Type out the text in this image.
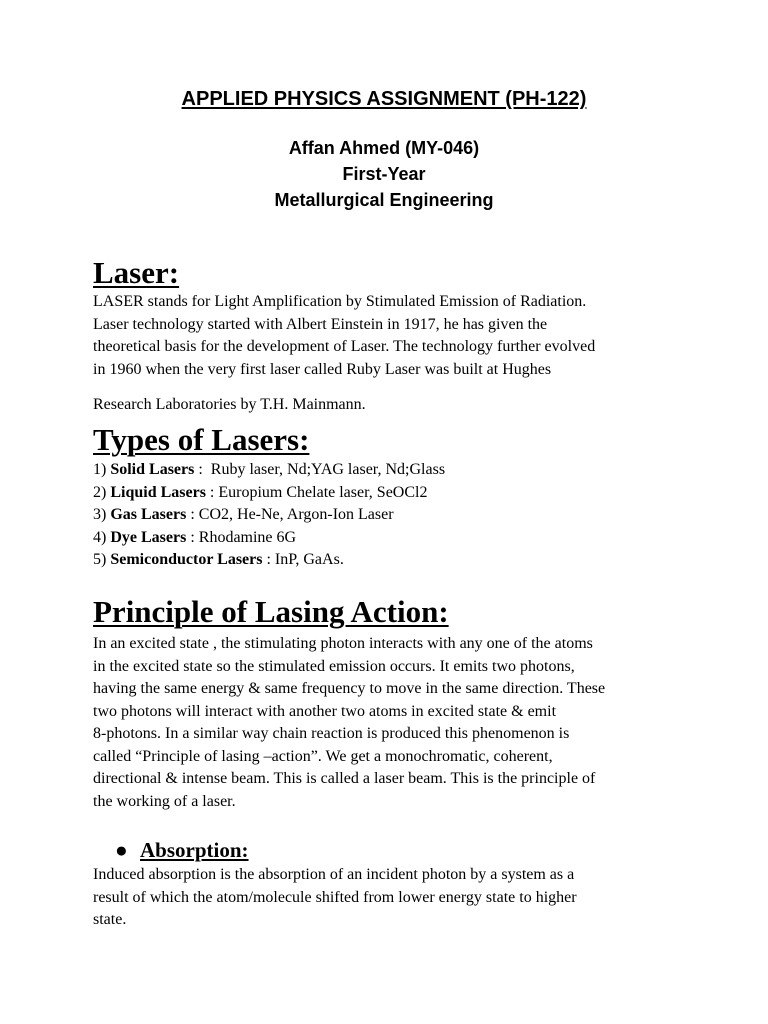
APPLIED PHYSICS ASSIGNMENT (PH-122)
Affan Ahmed (MY-046)
First-Year
Metallurgical Engineering
Laser:
LASER stands for Light Amplification by Stimulated Emission of Radiation.
Laser technology started with Albert Einstein in 1917, he has given the
theoretical basis for the development of Laser. The technology further evolved
in 1960 when the very first laser called Ruby Laser was built at Hughes
Research Laboratories by T.H. Mainmann.
Types of Lasers:
1) Solid Lasers :  Ruby laser, Nd;YAG laser, Nd;Glass
2) Liquid Lasers : Europium Chelate laser, SeOCl2
3) Gas Lasers : CO2, He-Ne, Argon-Ion Laser
4) Dye Lasers : Rhodamine 6G
5) Semiconductor Lasers : InP, GaAs.
Principle of Lasing Action:
In an excited state , the stimulating photon interacts with any one of the atoms
in the excited state so the stimulated emission occurs. It emits two photons,
having the same energy & same frequency to move in the same direction. These
two photons will interact with another two atoms in excited state & emit
8-photons. In a similar way chain reaction is produced this phenomenon is
called “Principle of lasing –action”. We get a monochromatic, coherent,
directional & intense beam. This is called a laser beam. This is the principle of
the working of a laser.
● Absorption:
Induced absorption is the absorption of an incident photon by a system as a
result of which the atom/molecule shifted from lower energy state to higher
state.
